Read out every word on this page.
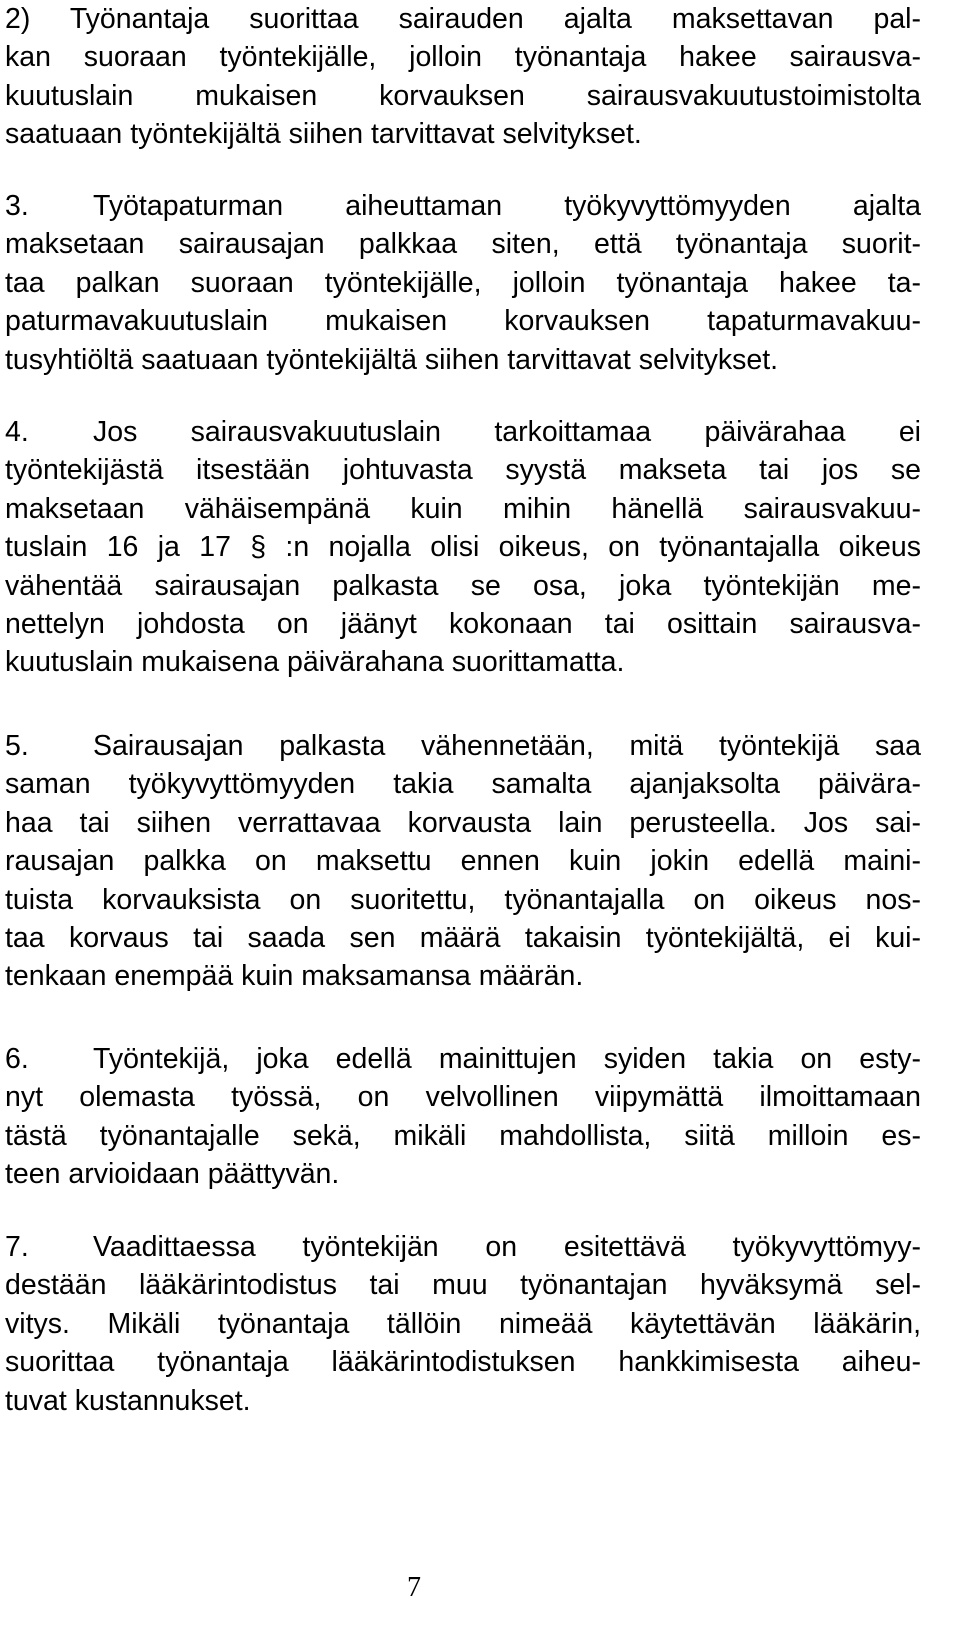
2) Työnantaja suorittaa sairauden ajalta maksettavan pal-
kan suoraan työntekijälle, jolloin työnantaja hakee sairausva-
kuutuslain mukaisen korvauksen sairausvakuutustoimistolta
saatuaan työntekijältä siihen tarvittavat selvitykset.
3. Työtapaturman aiheuttaman työkyvyttömyyden ajalta
maksetaan sairausajan palkkaa siten, että työnantaja suorit-
taa palkan suoraan työntekijälle, jolloin työnantaja hakee ta-
paturmavakuutuslain mukaisen korvauksen tapaturmavakuu-
tusyhtiöltä saatuaan työntekijältä siihen tarvittavat selvitykset.
4. Jos sairausvakuutuslain tarkoittamaa päivärahaa ei
työntekijästä itsestään johtuvasta syystä makseta tai jos se
maksetaan vähäisempänä kuin mihin hänellä sairausvakuu-
tuslain 16 ja 17 § :n nojalla olisi oikeus, on työnantajalla oikeus
vähentää sairausajan palkasta se osa, joka työntekijän me-
nettelyn johdosta on jäänyt kokonaan tai osittain sairausva-
kuutuslain mukaisena päivärahana suorittamatta.
5. Sairausajan palkasta vähennetään, mitä työntekijä saa
saman työkyvyttömyyden takia samalta ajanjaksolta päivära-
haa tai siihen verrattavaa korvausta lain perusteella. Jos sai-
rausajan palkka on maksettu ennen kuin jokin edellä maini-
tuista korvauksista on suoritettu, työnantajalla on oikeus nos-
taa korvaus tai saada sen määrä takaisin työntekijältä, ei kui-
tenkaan enempää kuin maksamansa määrän.
6. Työntekijä, joka edellä mainittujen syiden takia on esty-
nyt olemasta työssä, on velvollinen viipymättä ilmoittamaan
tästä työnantajalle sekä, mikäli mahdollista, siitä milloin es-
teen arvioidaan päättyvän.
7. Vaadittaessa työntekijän on esitettävä työkyvyttömyy-
destään lääkärintodistus tai muu työnantajan hyväksymä sel-
vitys. Mikäli työnantaja tällöin nimeää käytettävän lääkärin,
suorittaa työnantaja lääkärintodistuksen hankkimisesta aiheu-
tuvat kustannukset.
7
